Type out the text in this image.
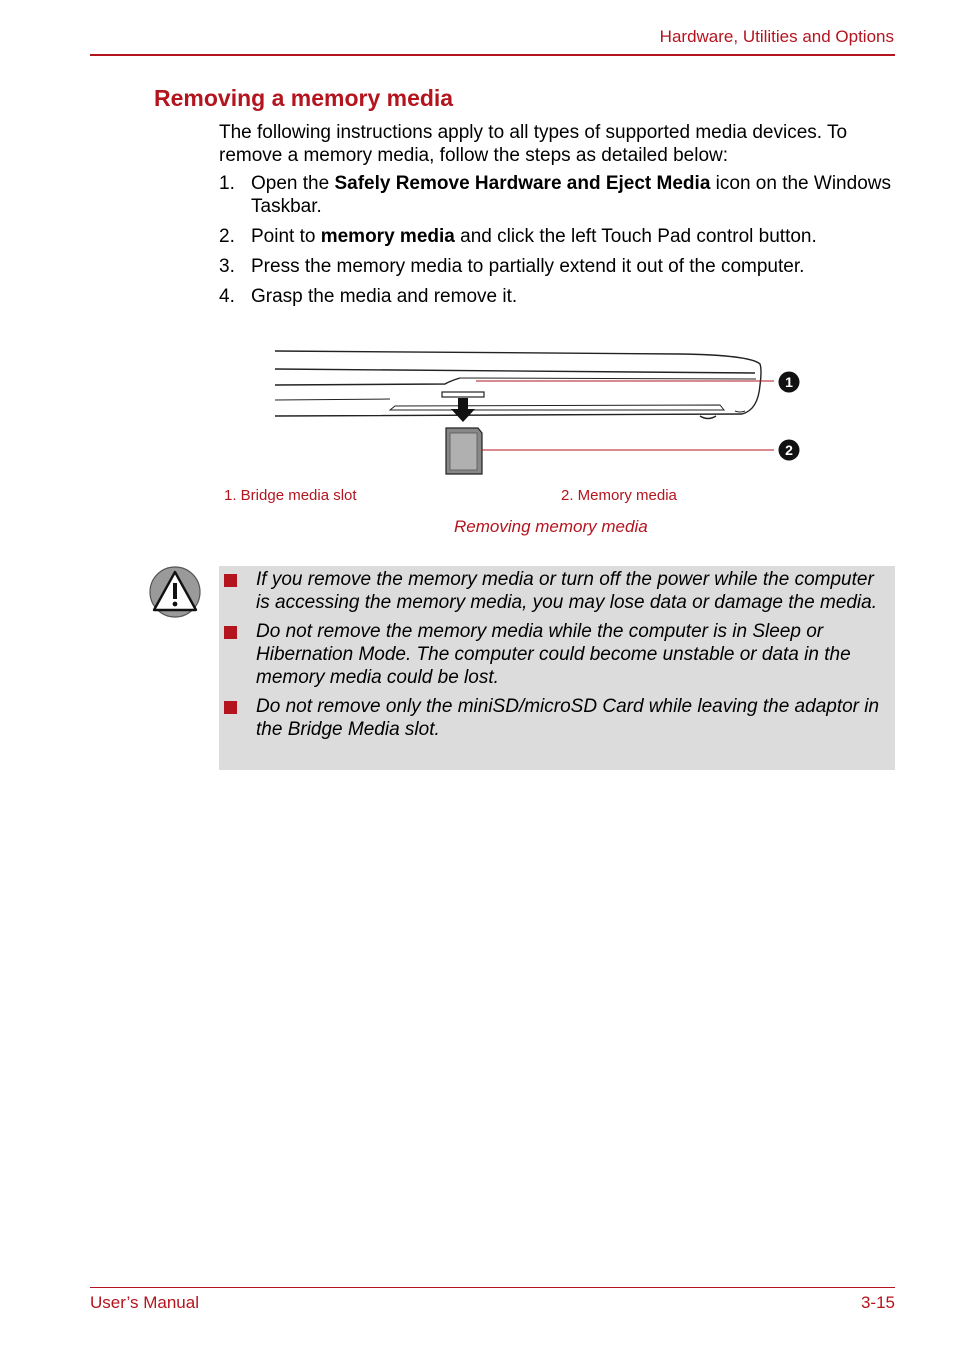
Hardware, Utilities and Options
Removing a memory media
The following instructions apply to all types of supported media devices. To remove a memory media, follow the steps as detailed below:
1. Open the Safely Remove Hardware and Eject Media icon on the Windows Taskbar.
2. Point to memory media and click the left Touch Pad control button.
3. Press the memory media to partially extend it out of the computer.
4. Grasp the media and remove it.
1
2
1. Bridge media slot	2. Memory media
Removing memory media
If you remove the memory media or turn off the power while the computer is accessing the memory media, you may lose data or damage the media.
Do not remove the memory media while the computer is in Sleep or Hibernation Mode. The computer could become unstable or data in the memory media could be lost.
Do not remove only the miniSD/microSD Card while leaving the adaptor in the Bridge Media slot.
User’s Manual	3-15
